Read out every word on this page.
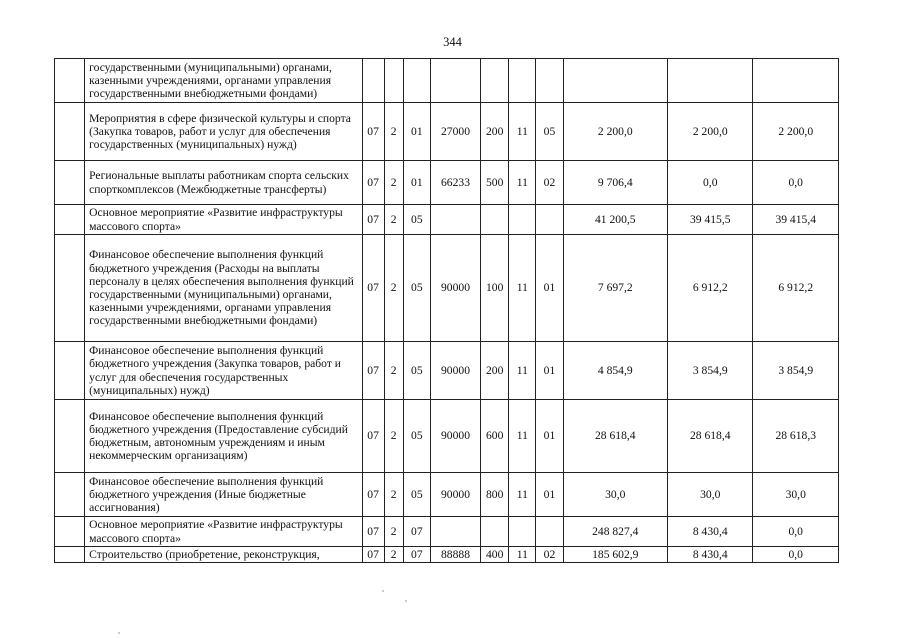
344
	государственными (муниципальными) органами, казенными учреждениями, органами управления государственными внебюджетными фондами)										
	Мероприятия в сфере физической культуры и спорта (Закупка товаров, работ и услуг для обеспечения государственных (муниципальных) нужд)	07	2	01	27000	200	11	05	2 200,0	2 200,0	2 200,0
	Региональные выплаты работникам спорта сельских спорткомплексов (Межбюджетные трансферты)	07	2	01	66233	500	11	02	9 706,4	0,0	0,0
	Основное мероприятие «Развитие инфраструктуры массового спорта»	07	2	05					41 200,5	39 415,5	39 415,4
	Финансовое обеспечение выполнения функций бюджетного учреждения (Расходы на выплаты персоналу в целях обеспечения выполнения функций государственными (муниципальными) органами, казенными учреждениями, органами управления государственными внебюджетными фондами)	07	2	05	90000	100	11	01	7 697,2	6 912,2	6 912,2
	Финансовое обеспечение выполнения функций бюджетного учреждения (Закупка товаров, работ и услуг для обеспечения государственных (муниципальных) нужд)	07	2	05	90000	200	11	01	4 854,9	3 854,9	3 854,9
	Финансовое обеспечение выполнения функций бюджетного учреждения (Предоставление субсидий бюджетным, автономным учреждениям и иным некоммерческим организациям)	07	2	05	90000	600	11	01	28 618,4	28 618,4	28 618,3
	Финансовое обеспечение выполнения функций бюджетного учреждения (Иные бюджетные ассигнования)	07	2	05	90000	800	11	01	30,0	30,0	30,0
	Основное мероприятие «Развитие инфраструктуры массового спорта»	07	2	07					248 827,4	8 430,4	0,0
	Строительство (приобретение, реконструкция,	07	2	07	88888	400	11	02	185 602,9	8 430,4	0,0
